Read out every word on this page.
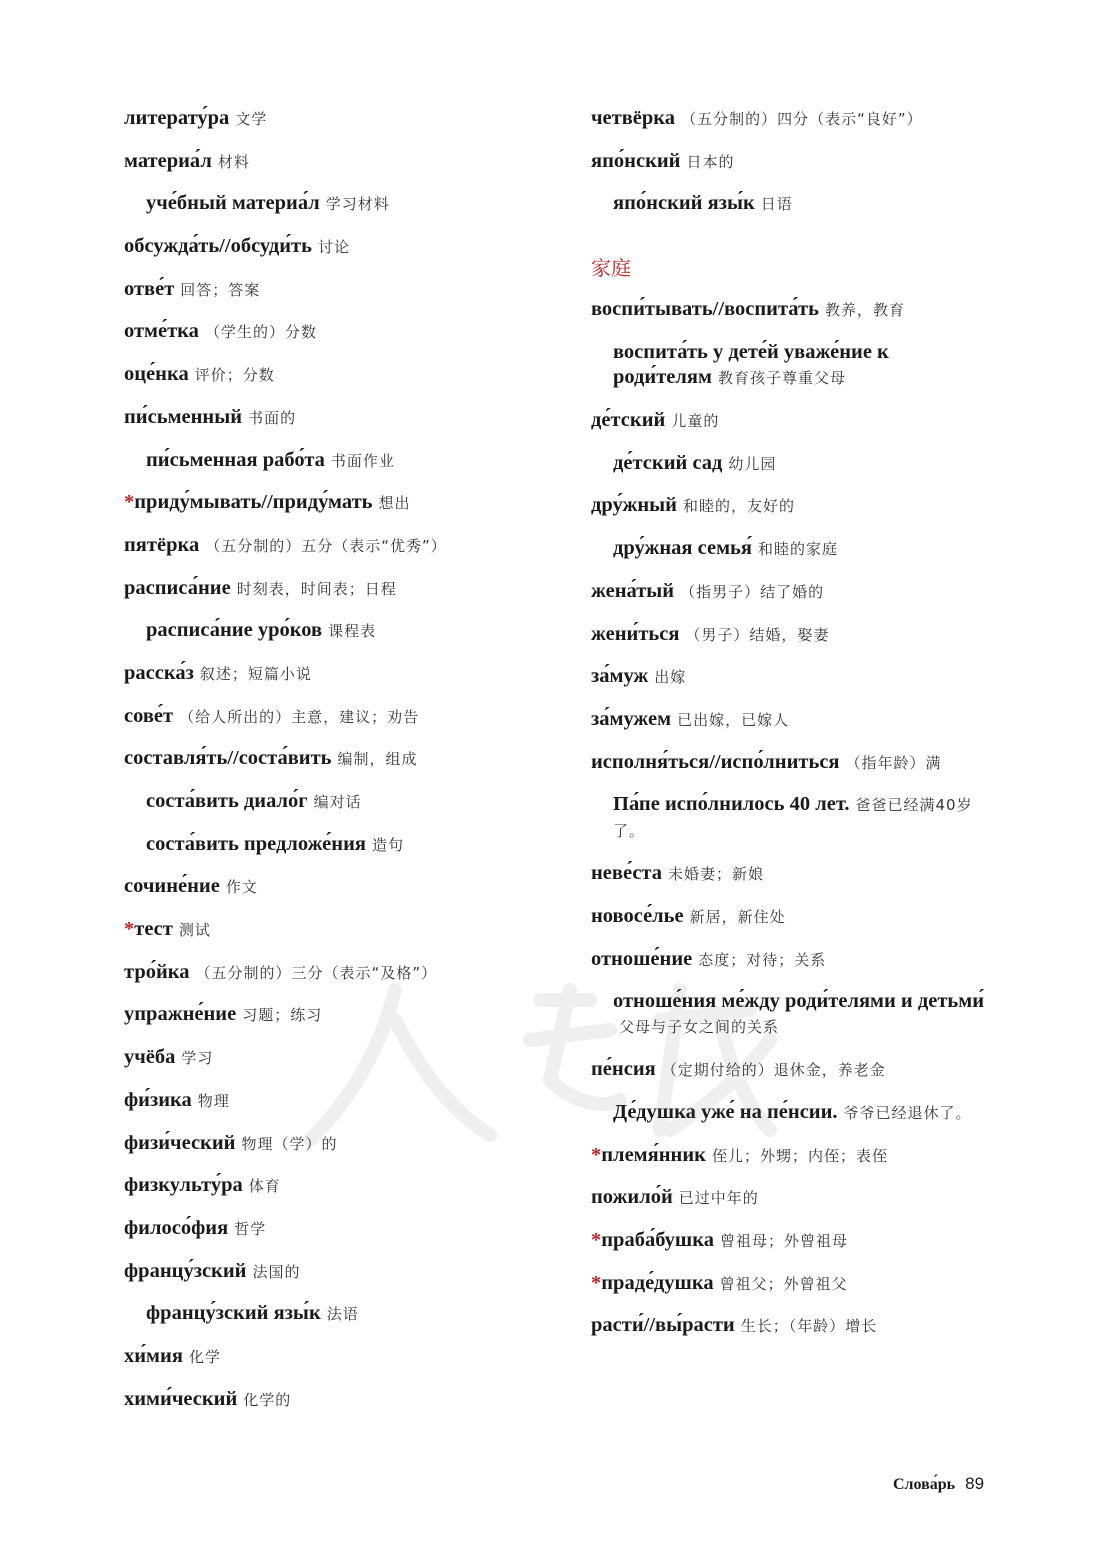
литерату́ра 文学
материа́л 材料
уче́бный материа́л 学习材料
обсужда́ть//обсуди́ть 讨论
отве́т 回答；答案
отме́тка （学生的）分数
оце́нка 评价；分数
пи́сьменный 书面的
пи́сьменная рабо́та 书面作业
*приду́мывать//приду́мать 想出
пятёрка （五分制的）五分（表示“优秀”）
расписа́ние 时刻表，时间表；日程
расписа́ние уро́ков 课程表
расска́з 叙述；短篇小说
сове́т （给人所出的）主意，建议；劝告
составля́ть//соста́вить 编制，组成
соста́вить диало́г 编对话
соста́вить предложе́ния 造句
сочине́ние 作文
*тест 测试
тро́йка （五分制的）三分（表示“及格”）
упражне́ние 习题；练习
учёба 学习
фи́зика 物理
физи́ческий 物理（学）的
физкульту́ра 体育
филосо́фия 哲学
францу́зский 法国的
францу́зский язы́к 法语
хи́мия 化学
хими́ческий 化学的
четвёрка （五分制的）四分（表示“良好”）
япо́нский 日本的
япо́нский язы́к 日语
家庭
воспи́тывать//воспита́ть 教养，教育
воспита́ть у дете́й уваже́ние к роди́телям 教育孩子尊重父母
де́тский 儿童的
де́тский сад 幼儿园
дру́жный 和睦的，友好的
дру́жная семья́ 和睦的家庭
жена́тый （指男子）结了婚的
жени́ться （男子）结婚，娶妻
за́муж 出嫁
за́мужем 已出嫁，已嫁人
исполня́ться//испо́лниться （指年龄）满
Па́пе испо́лнилось 40 лет. 爸爸已经满40岁了。
неве́ста 未婚妻；新娘
новосе́лье 新居，新住处
отноше́ние 态度；对待；关系
отноше́ния ме́жду роди́телями и детьми́父母与子女之间的关系
пе́нсия （定期付给的）退休金，养老金
Де́душка уже́ на пе́нсии. 爷爷已经退休了。
*племя́нник 侄儿；外甥；内侄；表侄
пожило́й 已过中年的
*праба́бушка 曾祖母；外曾祖母
*праде́душка 曾祖父；外曾祖父
расти́//вы́расти 生长；（年龄）增长
Слова́рь 89
